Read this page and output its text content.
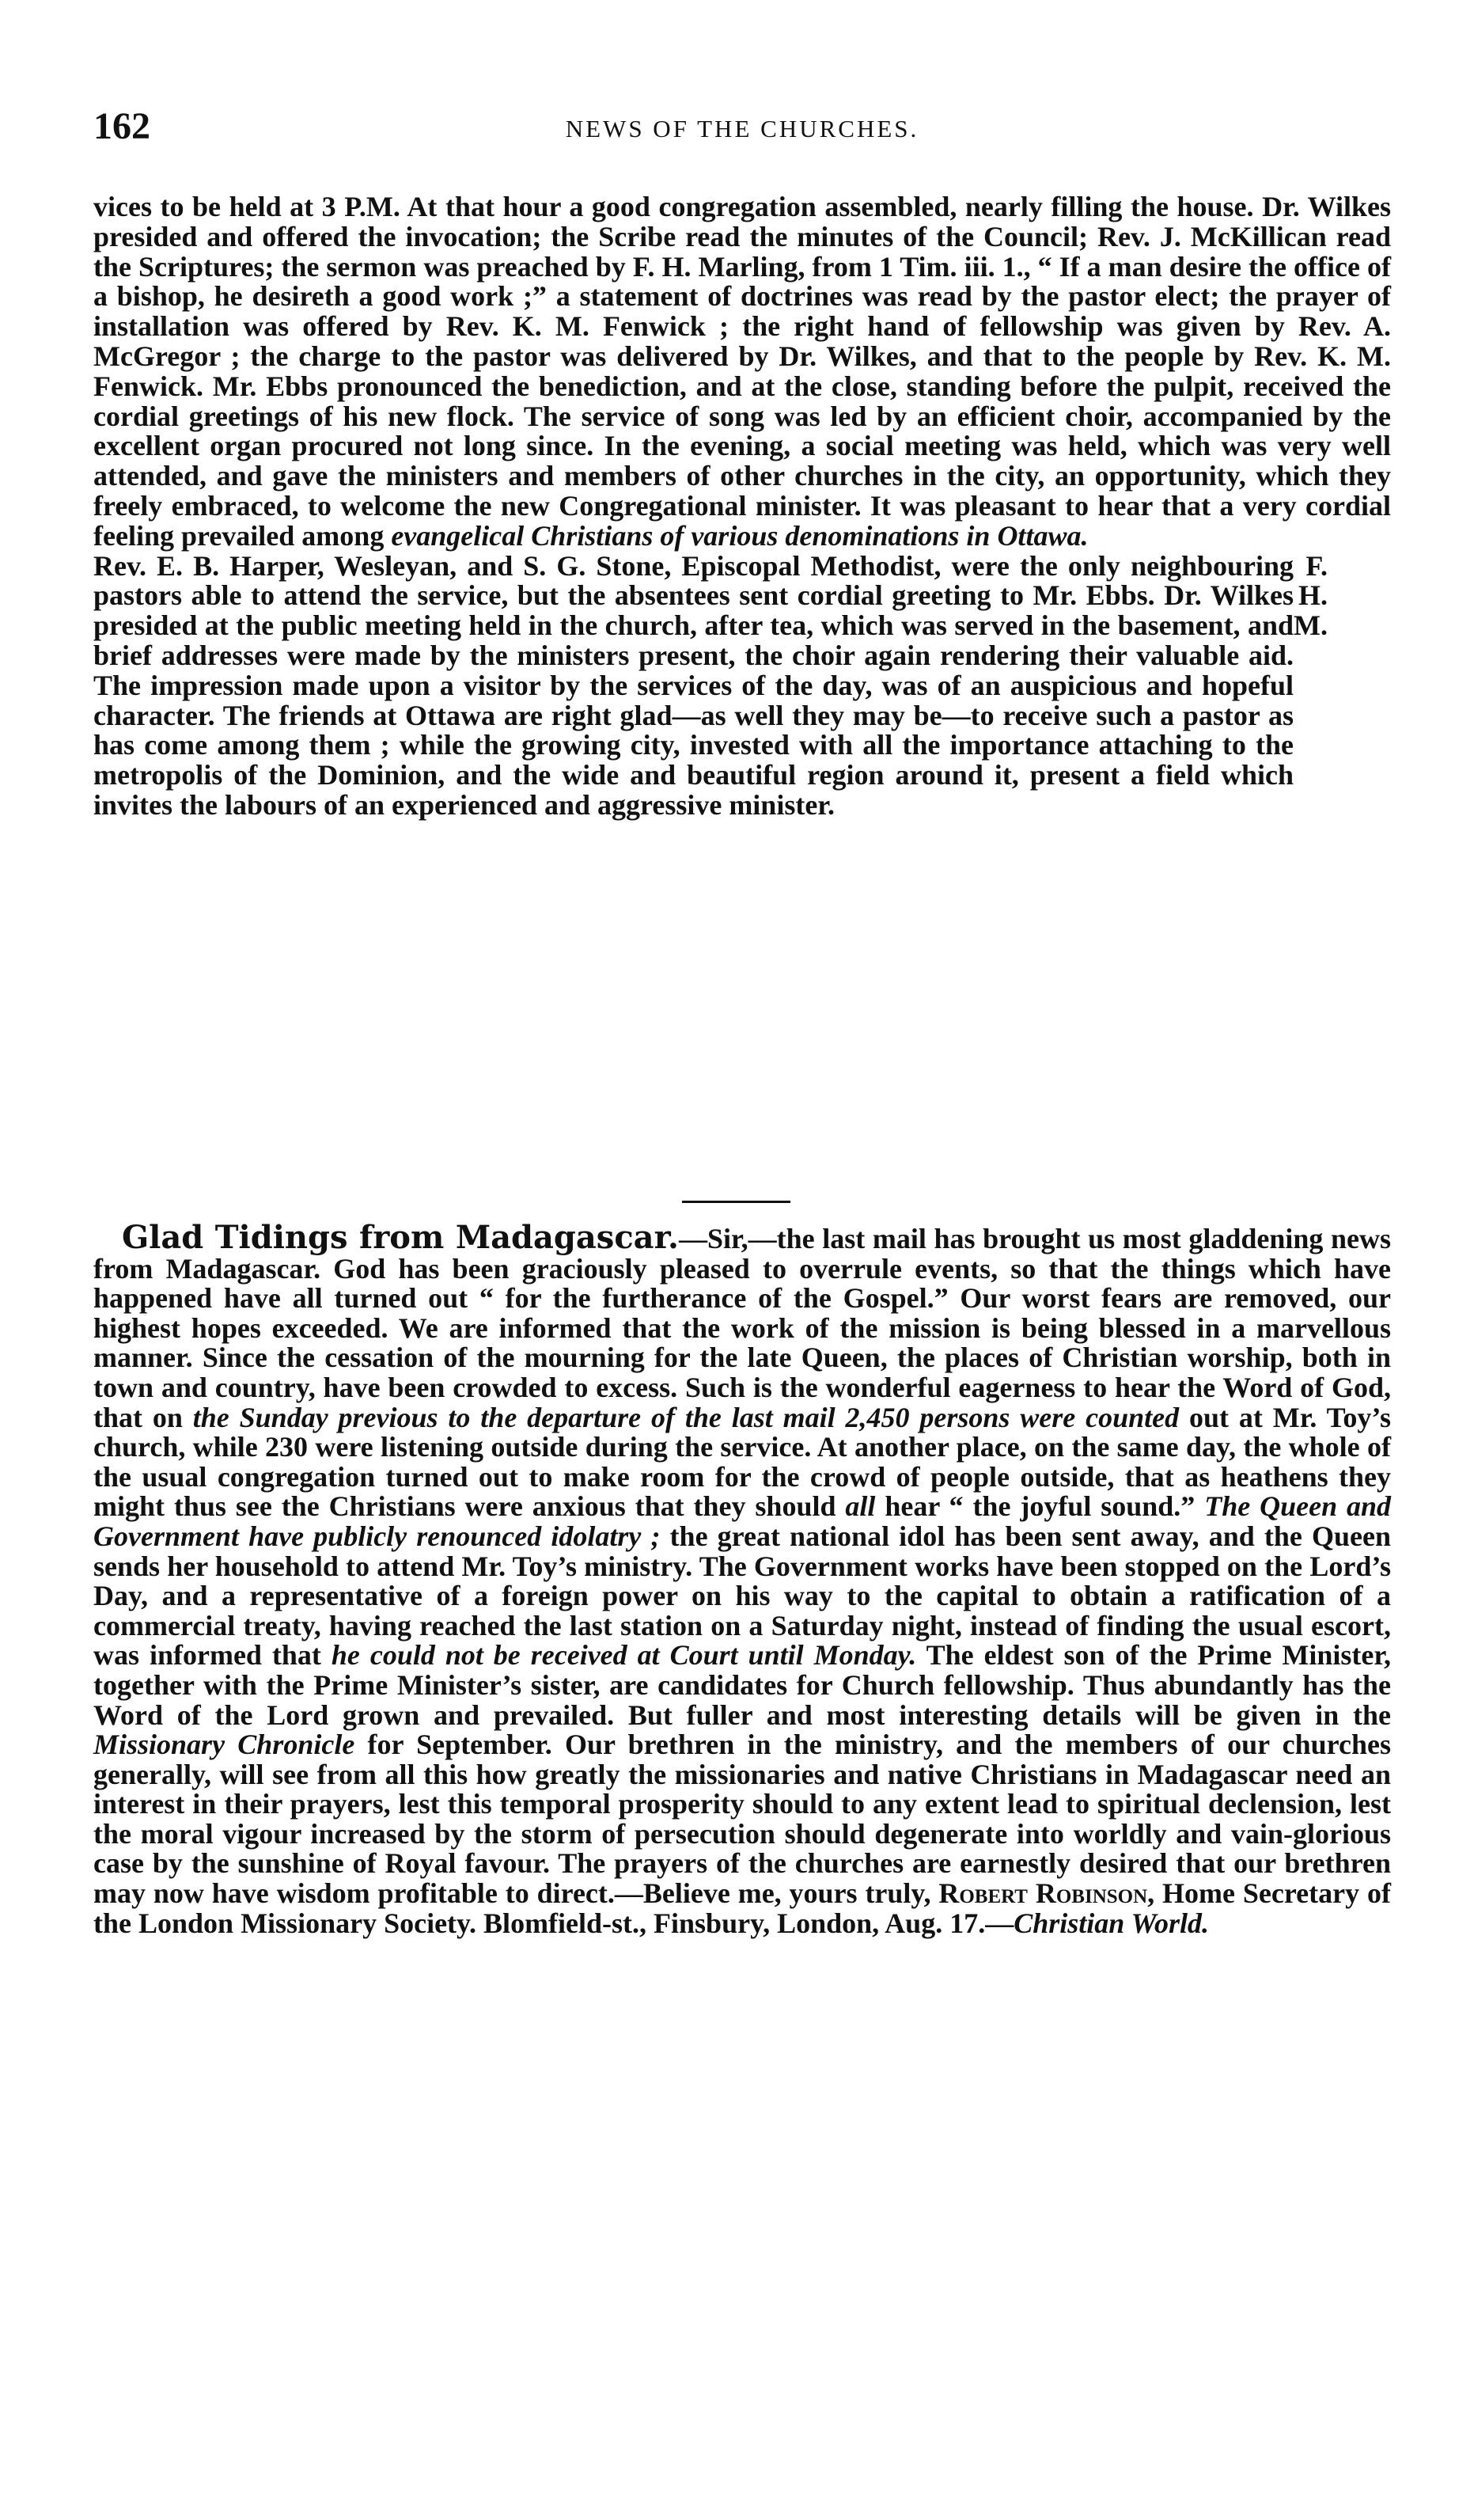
162	NEWS OF THE CHURCHES.

vices to be held at 3 P.M. At that hour a good congregation assembled, nearly filling the house. Dr. Wilkes presided and offered the invocation; the Scribe read the minutes of the Council; Rev. J. McKillican read the Scriptures; the sermon was preached by F. H. Marling, from 1 Tim. iii. 1., “ If a man desire the office of a bishop, he desireth a good work ;” a statement of doctrines was read by the pastor elect; the prayer of installation was offered by Rev. K. M. Fenwick ; the right hand of fellowship was given by Rev. A. McGregor ; the charge to the pastor was delivered by Dr. Wilkes, and that to the people by Rev. K. M. Fenwick. Mr. Ebbs pronounced the benediction, and at the close, standing before the pulpit, received the cordial greetings of his new flock. The service of song was led by an efficient choir, accompanied by the excellent organ procured not long since. In the evening, a social meeting was held, which was very well attended, and gave the ministers and members of other churches in the city, an opportunity, which they freely embraced, to welcome the new Congregational minister. It was pleasant to hear that a very cordial feeling prevailed among evangelical Christians of various denominations in Ottawa.
Rev. E. B. Harper, Wesleyan, and S. G. Stone, Episcopal Methodist, were the only neighbouring pastors able to attend the service, but the absentees sent cordial greeting to Mr. Ebbs. Dr. Wilkes presided at the public meeting held in the church, after tea, which was served in the basement, and brief addresses were made by the ministers present, the choir again rendering their valuable aid. The impression made upon a visitor by the services of the day, was of an auspicious and hopeful character. The friends at Ottawa are right glad—as well they may be—to receive such a pastor as has come among them ; while the growing city, invested with all the importance attaching to the metropolis of the Dominion, and the wide and beautiful region around it, present a field which invites the labours of an experienced and aggressive minister.
F. H. M.

Glad Tidings from Madagascar.—Sir,—the last mail has brought us most gladdening news from Madagascar. God has been graciously pleased to overrule events, so that the things which have happened have all turned out “ for the furtherance of the Gospel.” Our worst fears are removed, our highest hopes exceeded. We are informed that the work of the mission is being blessed in a marvellous manner. Since the cessation of the mourning for the late Queen, the places of Christian worship, both in town and country, have been crowded to excess. Such is the wonderful eagerness to hear the Word of God, that on the Sunday previous to the departure of the last mail 2,450 persons were counted out at Mr. Toy’s church, while 230 were listening outside during the service. At another place, on the same day, the whole of the usual congregation turned out to make room for the crowd of people outside, that as heathens they might thus see the Christians were anxious that they should all hear “ the joyful sound.” The Queen and Government have publicly renounced idolatry ; the great national idol has been sent away, and the Queen sends her household to attend Mr. Toy’s ministry. The Government works have been stopped on the Lord’s Day, and a representative of a foreign power on his way to the capital to obtain a ratification of a commercial treaty, having reached the last station on a Saturday night, instead of finding the usual escort, was informed that he could not be received at Court until Monday. The eldest son of the Prime Minister, together with the Prime Minister’s sister, are candidates for Church fellowship. Thus abundantly has the Word of the Lord grown and prevailed. But fuller and most interesting details will be given in the Missionary Chronicle for September. Our brethren in the ministry, and the members of our churches generally, will see from all this how greatly the missionaries and native Christians in Madagascar need an interest in their prayers, lest this temporal prosperity should to any extent lead to spiritual declension, lest the moral vigour increased by the storm of persecution should degenerate into worldly and vain-glorious case by the sunshine of Royal favour. The prayers of the churches are earnestly desired that our brethren may now have wisdom profitable to direct.—Believe me, yours truly, Robert Robinson, Home Secretary of the London Missionary Society. Blomfield-st., Finsbury, London, Aug. 17.—Christian World.
